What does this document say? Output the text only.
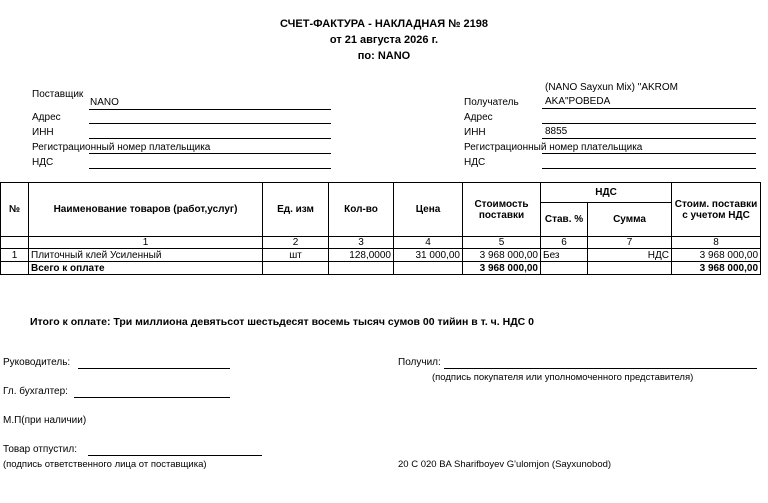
СЧЕТ-ФАКТУРА - НАКЛАДНАЯ № 2198
от 21 августа 2026 г.
по: NANO
Поставщик
NANO
Адрес
ИНН
Регистрационный номер плательщика
НДС
(NANO Sayxun Mix) "AKROM
Получатель	AKA"POBEDA
Адрес
ИНН	8855
Регистрационный номер плательщика
НДС
№	Наименование товаров (работ,услуг)	Ед. изм	Кол-во	Цена	Стоимость поставки	НДС		Стоим. поставки с учетом НДС
						Став. %	Сумма	
	1	2	3	4	5	6	7	8
1	Плиточный клей Усиленный	шт	128,0000	31 000,00	3 968 000,00	Без	НДС	3 968 000,00
	Всего к оплате				3 968 000,00			3 968 000,00
Итого к оплате: Три миллиона девятьсот шестьдесят восемь тысяч сумов 00 тийин в т. ч. НДС 0
Руководитель:
Гл. бухгалтер:
М.П(при наличии)
Товар отпустил:
(подпись ответственного лица от поставщика)
Получил:
(подпись покупателя или уполномоченного представителя)
20 C 020 BA Sharifboyev G'ulomjon (Sayxunobod)
